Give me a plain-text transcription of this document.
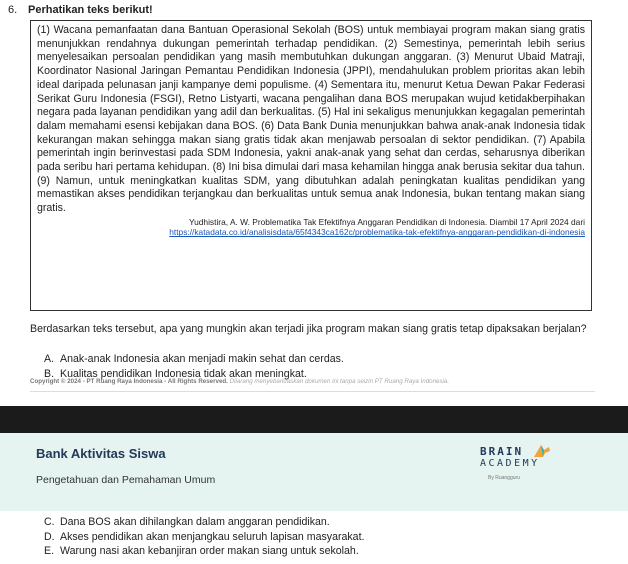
6. Perhatikan teks berikut!
(1) Wacana pemanfaatan dana Bantuan Operasional Sekolah (BOS) untuk membiayai program makan siang gratis menunjukkan rendahnya dukungan pemerintah terhadap pendidikan. (2) Semestinya, pemerintah lebih serius menyelesaikan persoalan pendidikan yang masih membutuhkan dukungan anggaran. (3) Menurut Ubaid Matraji, Koordinator Nasional Jaringan Pemantau Pendidikan Indonesia (JPPI), mendahulukan problem prioritas akan lebih ideal daripada pelunasan janji kampanye demi populisme. (4) Sementara itu, menurut Ketua Dewan Pakar Federasi Serikat Guru Indonesia (FSGI), Retno Listyarti, wacana pengalihan dana BOS merupakan wujud ketidakberpihakan negara pada layanan pendidikan yang adil dan berkualitas. (5) Hal ini sekaligus menunjukkan kegagalan pemerintah dalam memahami esensi kebijakan dana BOS. (6) Data Bank Dunia menunjukkan bahwa anak-anak Indonesia tidak kekurangan makan sehingga makan siang gratis tidak akan menjawab persoalan di sektor pendidikan. (7) Apabila pemerintah ingin berinvestasi pada SDM Indonesia, yakni anak-anak yang sehat dan cerdas, seharusnya diberikan pada seribu hari pertama kehidupan. (8) Ini bisa dimulai dari masa kehamilan hingga anak berusia sekitar dua tahun. (9) Namun, untuk meningkatkan kualitas SDM, yang dibutuhkan adalah peningkatan kualitas pendidikan yang memastikan akses pendidikan terjangkau dan berkualitas untuk semua anak Indonesia, bukan tentang makan siang gratis.
Yudhistira, A. W. Problematika Tak Efektifnya Anggaran Pendidikan di Indonesia. Diambil 17 April 2024 dari
https://katadata.co.id/analisisdata/65f4343ca162c/problematika-tak-efektifnya-anggaran-pendidikan-di-indonesia
Berdasarkan teks tersebut, apa yang mungkin akan terjadi jika program makan siang gratis tetap dipaksakan berjalan?
A. Anak-anak Indonesia akan menjadi makin sehat dan cerdas.
B. Kualitas pendidikan Indonesia tidak akan meningkat.
Copyright © 2024 - PT Ruang Raya Indonesia - All Rights Reserved. Dilarang menyebarluaskan dokumen ini tanpa seizin PT Ruang Raya Indonesia.
Bank Aktivitas Siswa
Pengetahuan dan Pemahaman Umum
BRAIN
ACADEMY
By Ruangguru
C. Dana BOS akan dihilangkan dalam anggaran pendidikan.
D. Akses pendidikan akan menjangkau seluruh lapisan masyarakat.
E. Warung nasi akan kebanjiran order makan siang untuk sekolah.
